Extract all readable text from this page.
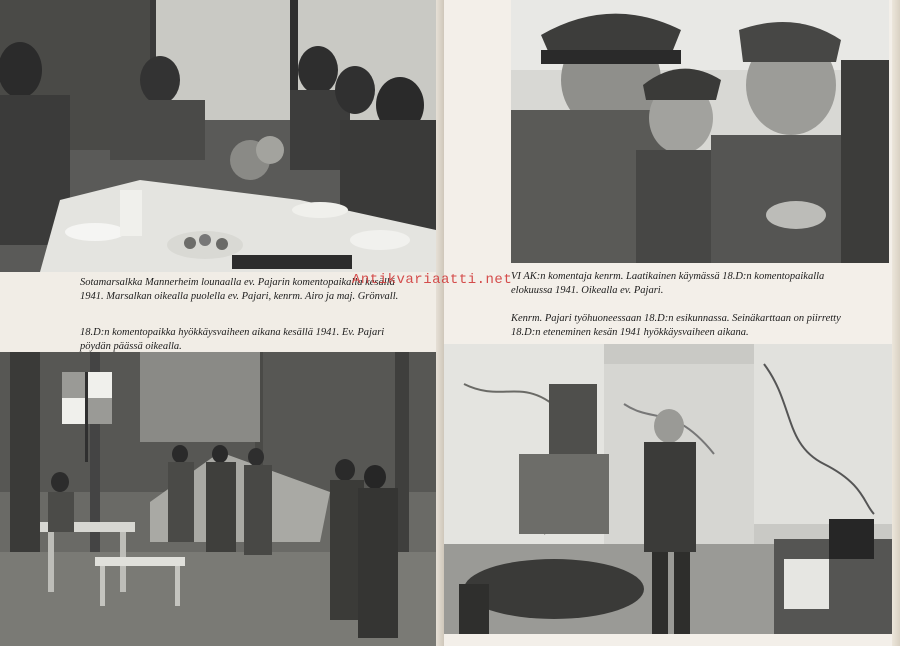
Sotamarsalkka Mannerheim lounaalla ev. Pajarin komentopaikalla kesällä 1941. Marsalkan oikealla puolella ev. Pajari, kenrm. Airo ja maj. Grönvall.

18.D:n komentopaikka hyökkäysvaiheen aikana kesällä 1941. Ev. Pajari pöydän päässä oikealla.

VI AK:n komentaja kenrm. Laatikainen käymässä 18.D:n komentopaikalla elokuussa 1941. Oikealla ev. Pajari.

Kenrm. Pajari työhuoneessaan 18.D:n esikunnassa. Seinäkarttaan on piirretty 18.D:n eteneminen kesän 1941 hyökkäysvaiheen aikana.

Antikvariaatti.net
